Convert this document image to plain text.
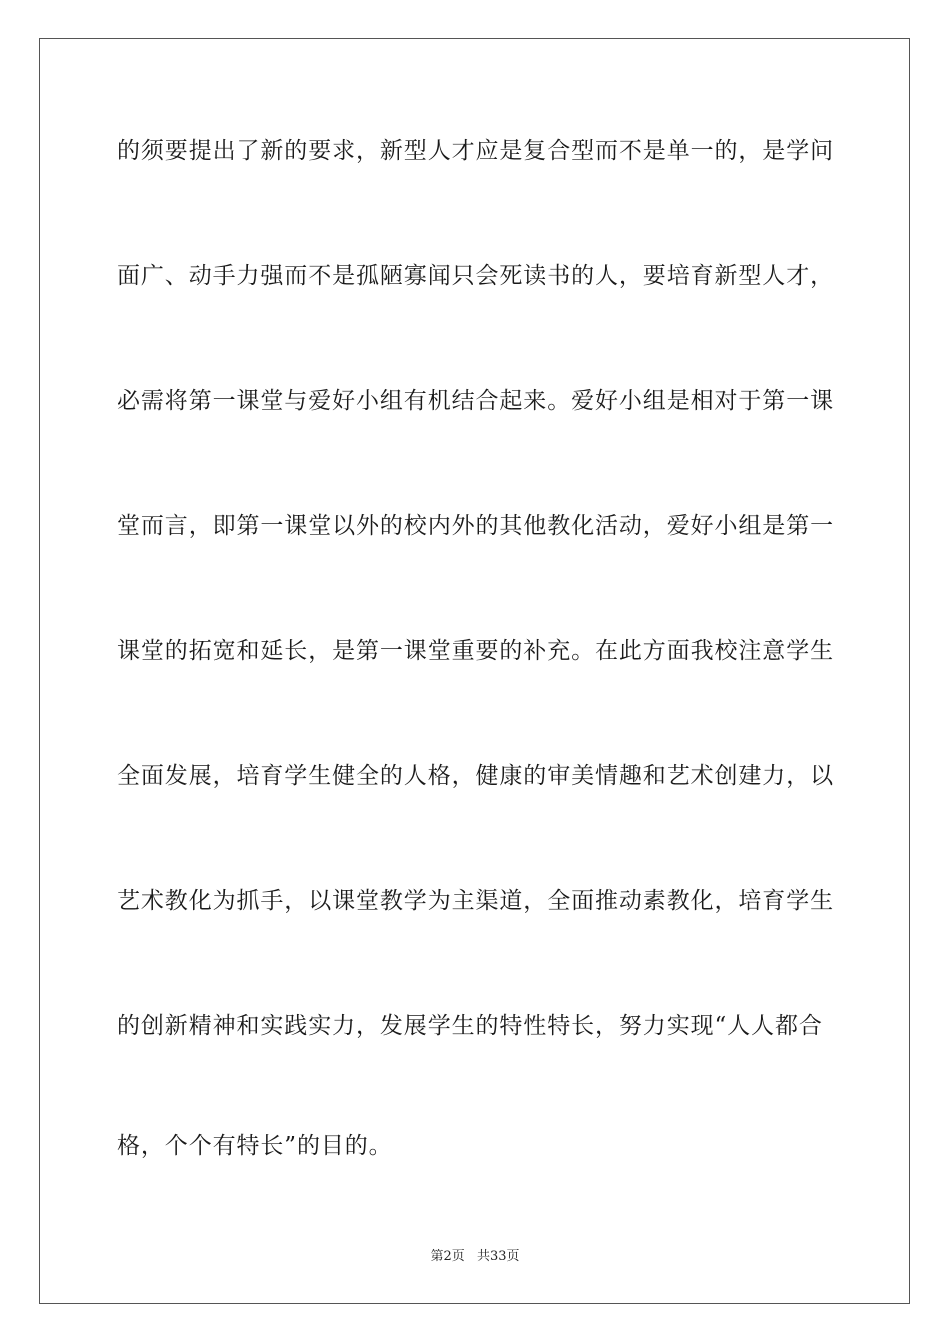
的须要提出了新的要求，新型人才应是复合型而不是单一的，是学问
面广、动手力强而不是孤陋寡闻只会死读书的人，要培育新型人才，
必需将第一课堂与爱好小组有机结合起来。爱好小组是相对于第一课
堂而言，即第一课堂以外的校内外的其他教化活动，爱好小组是第一
课堂的拓宽和延长，是第一课堂重要的补充。在此方面我校注意学生
全面发展，培育学生健全的人格，健康的审美情趣和艺术创建力，以
艺术教化为抓手，以课堂教学为主渠道，全面推动素教化，培育学生
的创新精神和实践实力，发展学生的特性特长，努力实现“人人都合
格，个个有特长”的目的。
第2页 共33页
